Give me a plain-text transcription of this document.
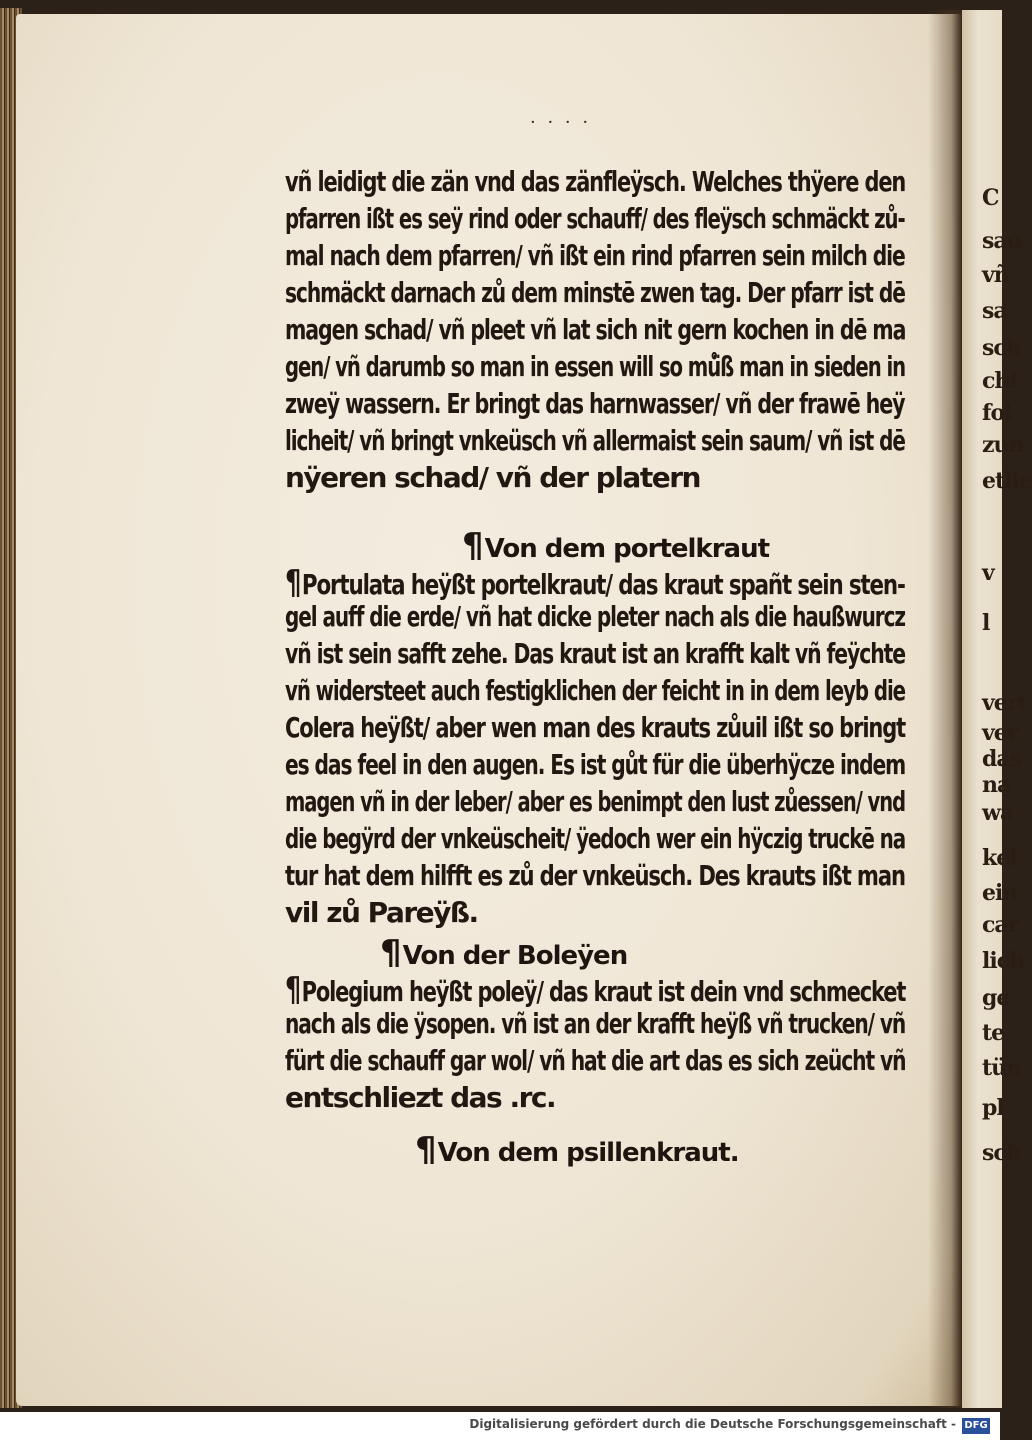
C
sau
vñ
sa
sch
chl
fol
zun
etlie
v
l
vert
ver
das
na
wa
kel
ein
car
lich
ge
te
tün
pl
sch
· · · ·
vñ leidigt die zän vnd das zänfleÿsch. Welches thÿere den
pfarren ißt es seÿ rind oder schauff/ des fleÿsch schmäckt zů-
mal nach dem pfarren/ vñ ißt ein rind pfarren sein milch die
schmäckt darnach zů dem minstē zwen tag. Der pfarr ist dē
magen schad/ vñ pleet vñ lat sich nit gern kochen in dē ma
gen/ vñ darumb so man in essen will so mů̈ß man in sieden in
zweÿ wassern. Er bringt das harnwasser/ vñ der frawē heÿ
licheit/ vñ bringt vnkeüsch vñ allermaist sein saum/ vñ ist dē
nÿeren schad/ vñ der platern
¶Von dem portelkraut
¶Portulata heÿßt portelkraut/ das kraut spañt sein sten-
gel auff die erde/ vñ hat dicke pleter nach als die haußwurcz
vñ ist sein safft zehe. Das kraut ist an krafft kalt vñ feÿchte
vñ widersteet auch festigklichen der feicht in in dem leyb die
Colera heÿßt/ aber wen man des krauts zůuil ißt so bringt
es das feel in den augen. Es ist gůt für die überhÿcze indem
magen vñ in der leber/ aber es benimpt den lust zůessen/ vnd
die begÿrd der vnkeüscheit/ ÿedoch wer ein hÿczig truckē na
tur hat dem hilfft es zů der vnkeüsch. Des krauts ißt man
vil zů Pareÿß.
¶Von der Boleÿen
¶Polegium heÿßt poleÿ/ das kraut ist dein vnd schmecket
nach als die ÿsopen. vñ ist an der krafft heÿß vñ trucken/ vñ
fürt die schauff gar wol/ vñ hat die art das es sich zeücht vñ
entschliezt das .rc.
¶Von dem psillenkraut.
Digitalisierung gefördert durch die Deutsche Forschungsgemeinschaft - DFG
